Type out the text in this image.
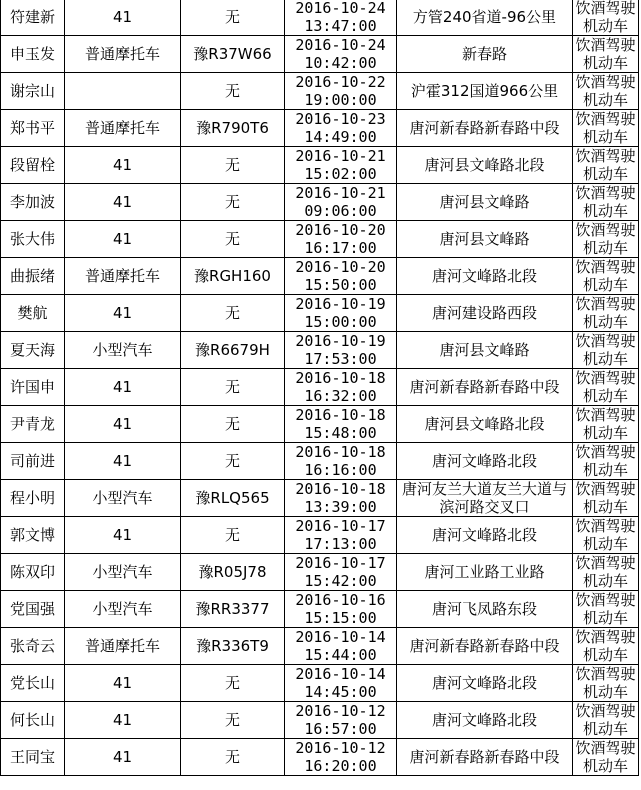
符建新	41	无	2016-10-24
13:47:00	方管240省道-96公里	饮酒驾驶
机动车

申玉发	普通摩托车	豫R37W66	2016-10-24
10:42:00	新春路	饮酒驾驶
机动车

谢宗山		无	2016-10-22
19:00:00	沪霍312国道966公里	饮酒驾驶
机动车

郑书平	普通摩托车	豫R790T6	2016-10-23
14:49:00	唐河新春路新春路中段	饮酒驾驶
机动车

段留栓	41	无	2016-10-21
15:02:00	唐河县文峰路北段	饮酒驾驶
机动车

李加波	41	无	2016-10-21
09:06:00	唐河县文峰路	饮酒驾驶
机动车

张大伟	41	无	2016-10-20
16:17:00	唐河县文峰路	饮酒驾驶
机动车

曲振绪	普通摩托车	豫RGH160	2016-10-20
15:50:00	唐河文峰路北段	饮酒驾驶
机动车

樊航	41	无	2016-10-19
15:00:00	唐河建设路西段	饮酒驾驶
机动车

夏天海	小型汽车	豫R6679H	2016-10-19
17:53:00	唐河县文峰路	饮酒驾驶
机动车

许国申	41	无	2016-10-18
16:32:00	唐河新春路新春路中段	饮酒驾驶
机动车

尹青龙	41	无	2016-10-18
15:48:00	唐河县文峰路北段	饮酒驾驶
机动车

司前进	41	无	2016-10-18
16:16:00	唐河文峰路北段	饮酒驾驶
机动车

程小明	小型汽车	豫RLQ565	2016-10-18
13:39:00	唐河友兰大道友兰大道与滨河路交叉口	饮酒驾驶
机动车

郭文博	41	无	2016-10-17
17:13:00	唐河文峰路北段	饮酒驾驶
机动车

陈双印	小型汽车	豫R05J78	2016-10-17
15:42:00	唐河工业路工业路	饮酒驾驶
机动车

党国强	小型汽车	豫RR3377	2016-10-16
15:15:00	唐河飞凤路东段	饮酒驾驶
机动车

张奇云	普通摩托车	豫R336T9	2016-10-14
15:44:00	唐河新春路新春路中段	饮酒驾驶
机动车

党长山	41	无	2016-10-14
14:45:00	唐河文峰路北段	饮酒驾驶
机动车

何长山	41	无	2016-10-12
16:57:00	唐河文峰路北段	饮酒驾驶
机动车

王同宝	41	无	2016-10-12
16:20:00	唐河新春路新春路中段	饮酒驾驶
机动车
